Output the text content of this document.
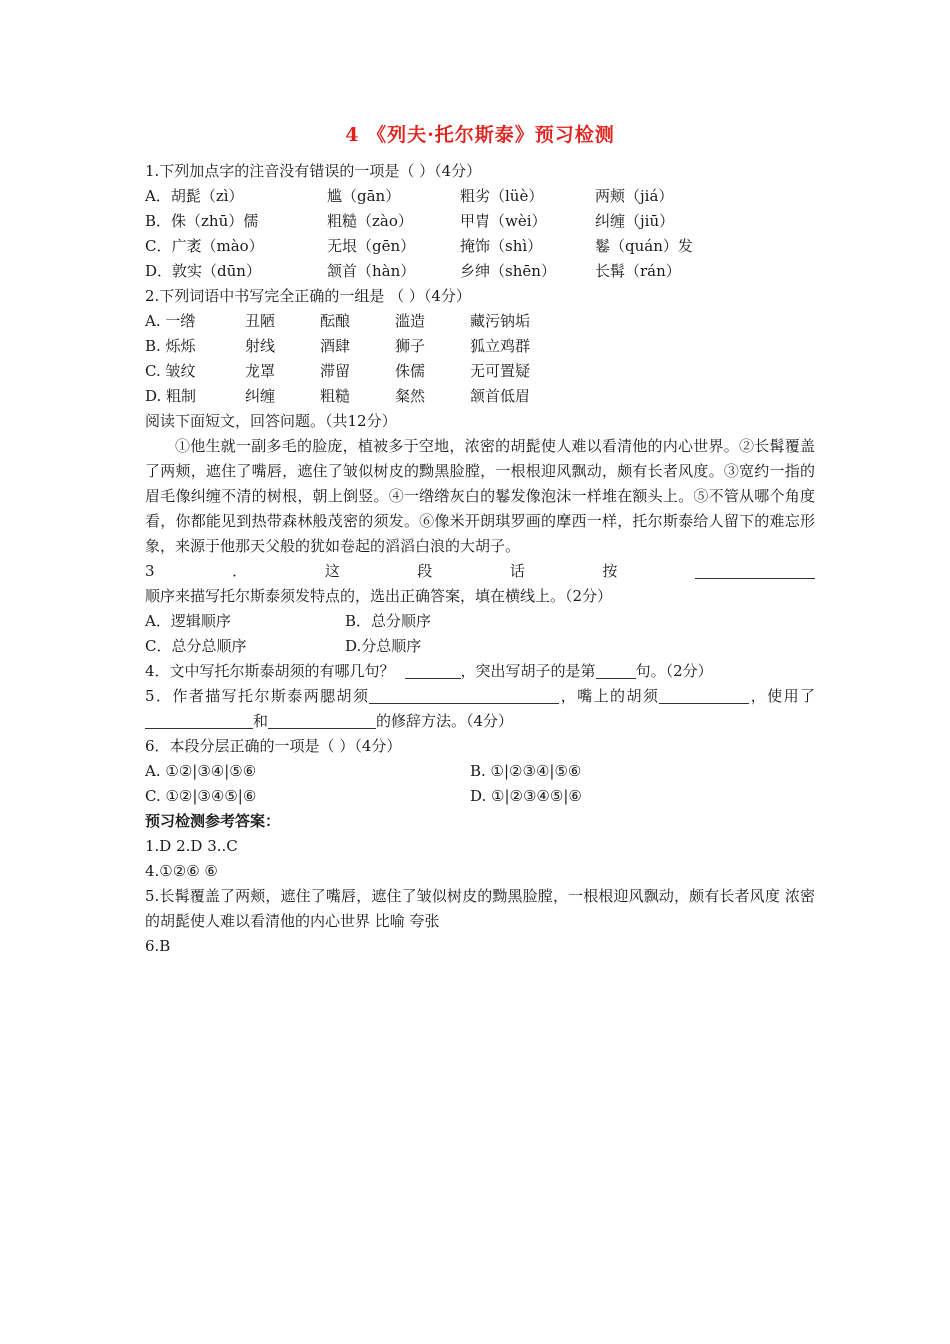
4 《列夫·托尔斯泰》预习检测
1.下列加点字的注音没有错误的一项是（ ）（4分）
A．胡髭（zì）	尴（gān）	粗劣（lüè）	两颊（jiá）
B．侏（zhū）儒	粗糙（zào）	甲胄（wèi）	纠缠（jiū）
C．广袤（mào）	无垠（gēn）	掩饰（shì）	鬈（quán）发
D．敦实（dūn）	颔首（hàn）	乡绅（shēn）	长髯（rán）
2.下列词语中书写完全正确的一组是 （ ）（4分）
A. 一绺	丑陋	酝酿	滥造	藏污钠垢
B. 烁烁	射线	酒肆	狮子	狐立鸡群
C. 皱纹	龙罩	滞留	侏儒	无可置疑
D. 粗制	纠缠	粗糙	粲然	颔首低眉
阅读下面短文，回答问题。（共12分）
①他生就一副多毛的脸庞，植被多于空地，浓密的胡髭使人难以看清他的内心世界。②长髯覆盖了两颊，遮住了嘴唇，遮住了皱似树皮的黝黑脸膛，一根根迎风飘动，颇有长者风度。③宽约一指的眉毛像纠缠不清的树根，朝上倒竖。④一绺绺灰白的鬈发像泡沫一样堆在额头上。⑤不管从哪个角度看，你都能见到热带森林般茂密的须发。⑥像米开朗琪罗画的摩西一样，托尔斯泰给人留下的难忘形象，来源于他那天父般的犹如卷起的滔滔白浪的大胡子。
3．这段话按顺序来描写托尔斯泰须发特点的，选出正确答案，填在横线上。（2分）
A．逻辑顺序	B．总分顺序
C．总分总顺序	D.分总顺序
4．文中写托尔斯泰胡须的有哪几句？	，突出写胡子的是第	句。（2分）
5．作者描写托尔斯泰两腮胡须	，嘴上的胡须	，使用了和	的修辞方法。（4分）
6．本段分层正确的一项是（ ）（4分）
A. ①②|③④|⑤⑥	B. ①|②③④|⑤⑥
C. ①②|③④⑤|⑥	D. ①|②③④⑤|⑥
预习检测参考答案：
1.D 2.D 3..C
4.①②⑥ ⑥
5.长髯覆盖了两颊，遮住了嘴唇，遮住了皱似树皮的黝黑脸膛，一根根迎风飘动，颇有长者风度 浓密的胡髭使人难以看清他的内心世界 比喻 夸张
6.B
